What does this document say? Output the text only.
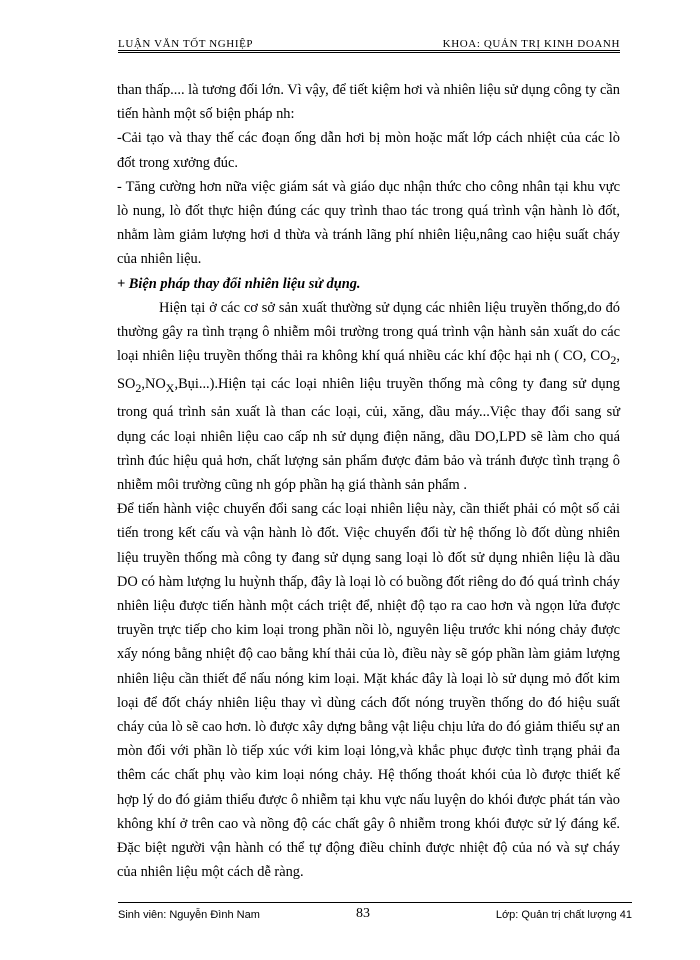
LUẬN VĂN TỐT NGHIỆP	KHOA: QUẢN TRỊ KINH DOANH

than thấp.... là tương đối lớn. Vì vậy, để tiết kiệm hơi và nhiên liệu sử dụng công ty cần tiến hành một số biện pháp nh:

-Cải tạo và thay thế các đoạn ống dẫn hơi bị mòn hoặc mất lớp cách nhiệt của các lò đốt trong xưởng đúc.

- Tăng cường hơn nữa việc giám sát và giáo dục nhận thức cho công nhân tại khu vực lò nung, lò đốt thực hiện đúng các quy trình thao tác trong quá trình vận hành lò đốt, nhằm làm giảm lượng hơi d thừa và tránh lãng phí nhiên liệu,nâng cao hiệu suất cháy của nhiên liệu.

+ Biện pháp thay đổi nhiên liệu sử dụng.

Hiện tại ở các cơ sở sản xuất thường sử dụng các nhiên liệu truyền thống,do đó thường gây ra tình trạng ô nhiễm môi trường trong quá trình vận hành sản xuất do các loại nhiên liệu truyền thống thải ra không khí quá nhiều các khí độc hại nh ( CO, $CO_2$, $SO_2,NO_X,Bụi...).Hiện$ tại các loại nhiên liệu truyền thống mà công ty đang sử dụng trong quá trình sản xuất là than các loại, củi, xăng, dầu máy...Việc thay đổi sang sử dụng các loại nhiên liệu cao cấp nh sử dụng điện năng, dầu DO,LPD sẽ làm cho quá trình đúc hiệu quả hơn, chất lượng sản phẩm được đảm bảo và tránh được tình trạng ô nhiễm môi trường cũng nh góp phần hạ giá thành sản phẩm .

Để tiến hành việc chuyển đổi sang các loại nhiên liệu này, cần thiết phải có một số cải tiến trong kết cấu và vận hành lò đốt. Việc chuyển đổi từ hệ thống lò đốt dùng nhiên liệu truyền thống mà công ty đang sử dụng sang loại lò đốt sử dụng nhiên liệu là dầu DO có hàm lượng lu huỳnh thấp, đây là loại lò có buồng đốt riêng do đó quá trình cháy nhiên liệu được tiến hành một cách triệt để, nhiệt độ tạo ra cao hơn và ngọn lửa được truyền trực tiếp cho kim loại trong phần nồi lò, nguyên liệu trước khi nóng chảy được xấy nóng bằng nhiệt độ cao bằng khí thải của lò, điều này sẽ góp phần làm giảm lượng nhiên liệu cần thiết để nấu nóng kim loại. Mặt khác đây là loại lò sử dụng mỏ đốt kim loại để đốt cháy nhiên liệu thay vì dùng cách đốt nóng truyền thống do đó hiệu suất cháy của lò sẽ cao hơn. lò được xây dựng bằng vật liệu chịu lửa do đó giảm thiểu sự an mòn đối với phần lò tiếp xúc với kim loại lỏng,và khắc phục được tình trạng phải đa thêm các chất phụ vào kim loại nóng chảy. Hệ thống thoát khói của lò được thiết kế hợp lý do đó giảm thiểu được ô nhiễm tại khu vực nấu luyện do khói được phát tán vào không khí ở trên cao và nồng độ các chất gây ô nhiễm trong khói được sử lý đáng kể. Đặc biệt người vận hành có thể tự động điều chỉnh được nhiệt độ của nó và sự cháy của nhiên liệu một cách dễ ràng.

Sinh viên: Nguyễn Đình Nam	83	Lớp: Quản trị chất lượng 41
